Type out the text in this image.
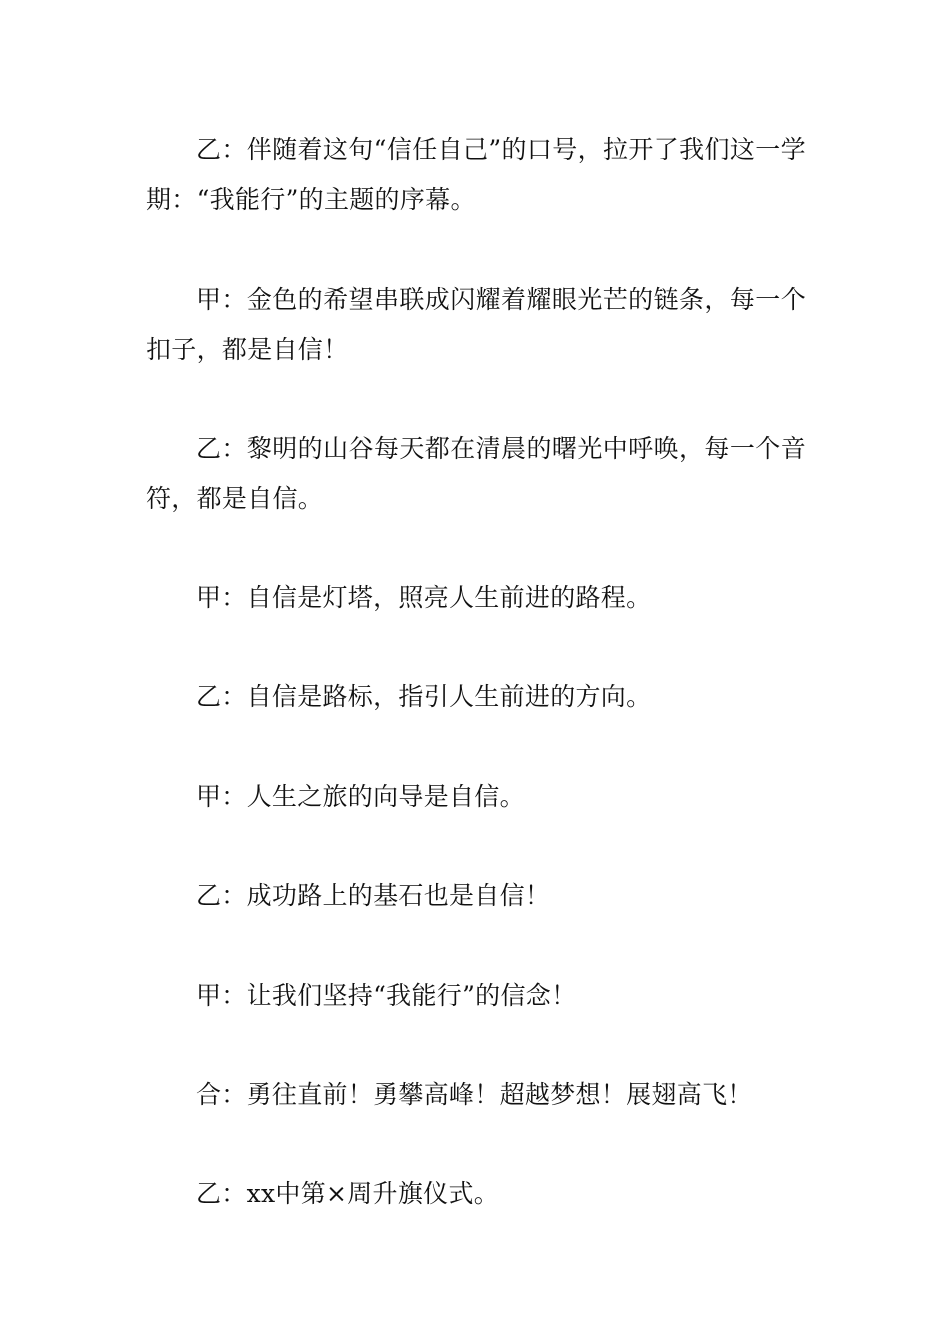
乙：伴随着这句“信任自己”的口号，拉开了我们这一学期：“我能行”的主题的序幕。

甲：金色的希望串联成闪耀着耀眼光芒的链条，每一个扣子，都是自信！

乙：黎明的山谷每天都在清晨的曙光中呼唤，每一个音符，都是自信。

甲：自信是灯塔，照亮人生前进的路程。

乙：自信是路标，指引人生前进的方向。

甲：人生之旅的向导是自信。

乙：成功路上的基石也是自信！

甲：让我们坚持“我能行”的信念！

合：勇往直前！勇攀高峰！超越梦想！展翅高飞！

乙：xx中第×周升旗仪式。
